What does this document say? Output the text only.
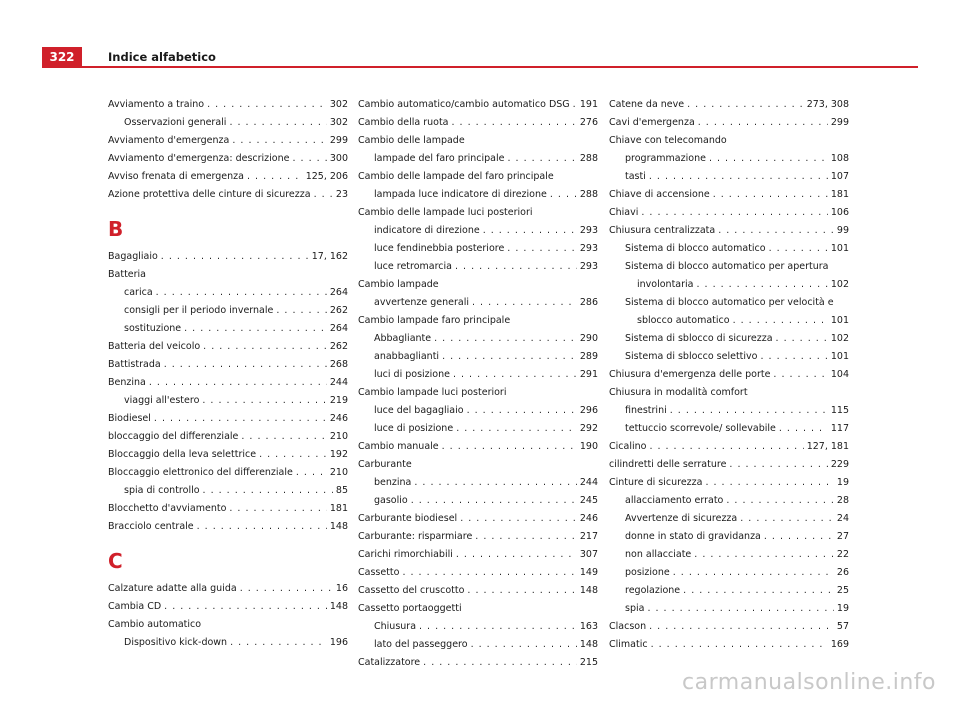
322	Indice alfabetico
Avviamento a traino . . .	302
Osservazioni generali . . .	302
Avviamento d'emergenza . . .	299
Avviamento d'emergenza: descrizione . . .	300
Avviso frenata di emergenza . . .	125, 206
Azione protettiva delle cinture di sicurezza . . .	23
B
Bagagliaio . . .	17, 162
Batteria
carica . . .	264
consigli per il periodo invernale . . .	262
sostituzione . . .	264
Batteria del veicolo . . .	262
Battistrada . . .	268
Benzina . . .	244
viaggi all'estero . . .	219
Biodiesel . . .	246
bloccaggio del differenziale . . .	210
Bloccaggio della leva selettrice . . .	192
Bloccaggio elettronico del differenziale . . .	210
spia di controllo . . .	85
Blocchetto d'avviamento . . .	181
Bracciolo centrale . . .	148
C
Calzature adatte alla guida . . .	16
Cambia CD . . .	148
Cambio automatico
Dispositivo kick-down . . .	196
Cambio automatico/cambio automatico DSG . . . 191
Cambio della ruota . . .	276
Cambio delle lampade
lampade del faro principale . . .	288
Cambio delle lampade del faro principale
lampada luce indicatore di direzione . . .	288
Cambio delle lampade luci posteriori
indicatore di direzione . . .	293
luce fendinebbia posteriore . . .	293
luce retromarcia . . .	293
Cambio lampade
avvertenze generali . . .	286
Cambio lampade faro principale
Abbagliante . . .	290
anabbaglianti . . .	289
luci di posizione . . .	291
Cambio lampade luci posteriori
luce del bagagliaio . . .	296
luce di posizione . . .	292
Cambio manuale . . .	190
Carburante
benzina . . .	244
gasolio . . .	245
Carburante biodiesel . . .	246
Carburante: risparmiare . . .	217
Carichi rimorchiabili . . .	307
Cassetto . . .	149
Cassetto del cruscotto . . .	148
Cassetto portaoggetti
Chiusura . . .	163
lato del passeggero . . .	148
Catalizzatore . . .	215
Catene da neve . . .	273, 308
Cavi d'emergenza . . .	299
Chiave con telecomando
programmazione . . .	108
tasti . . .	107
Chiave di accensione . . .	181
Chiavi . . .	106
Chiusura centralizzata . . .	99
Sistema di blocco automatico . . .	101
Sistema di blocco automatico per apertura
involontaria . . .	102
Sistema di blocco automatico per velocità e
sblocco automatico . . .	101
Sistema di sblocco di sicurezza . . .	102
Sistema di sblocco selettivo . . .	101
Chiusura d'emergenza delle porte . . .	104
Chiusura in modalità comfort
finestrini . . .	115
tettuccio scorrevole/ sollevabile . . .	117
Cicalino . . .	127, 181
cilindretti delle serrature . . .	229
Cinture di sicurezza . . .	19
allacciamento errato . . .	28
Avvertenze di sicurezza . . .	24
donne in stato di gravidanza . . .	27
non allacciate . . .	22
posizione . . .	26
regolazione . . .	25
spia . . .	19
Clacson . . .	57
Climatic . . .	169
carmanualsonline.info
